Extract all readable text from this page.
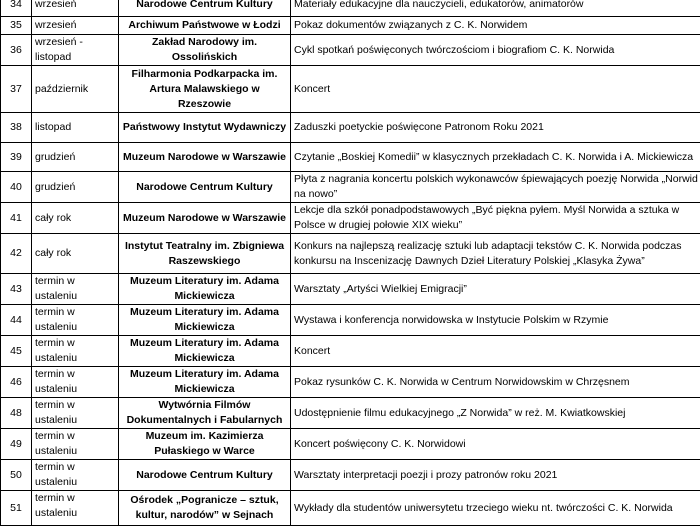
34	wrzesień	Narodowe Centrum Kultury	Materiały edukacyjne dla nauczycieli, edukatorów, animatorów
35	wrzesień	Archiwum Państwowe w Łodzi	Pokaz dokumentów związanych z C. K. Norwidem
36	wrzesień - listopad	Zakład Narodowy im. Ossolińskich	Cykl spotkań poświęconych twórczościom i biografiom C. K. Norwida
37	październik	Filharmonia Podkarpacka im. Artura Malawskiego w Rzeszowie	Koncert
38	listopad	Państwowy Instytut Wydawniczy	Zaduszki poetyckie poświęcone Patronom Roku 2021
39	grudzień	Muzeum Narodowe w Warszawie	Czytanie „Boskiej Komedii” w klasycznych przekładach C. K. Norwida i A. Mickiewicza
40	grudzień	Narodowe Centrum Kultury	Płyta z nagrania koncertu polskich wykonawców śpiewających poezję Norwida „Norwid na nowo”
41	cały rok	Muzeum Narodowe w Warszawie	Lekcje dla szkół ponadpodstawowych „Być piękna pyłem. Myśl Norwida a sztuka w Polsce w drugiej połowie XIX wieku”
42	cały rok	Instytut Teatralny im. Zbigniewa Raszewskiego	Konkurs na najlepszą realizację sztuki lub adaptacji tekstów C. K. Norwida podczas konkursu na Inscenizację Dawnych Dzieł Literatury Polskiej „Klasyka Żywa”
43	termin w ustaleniu	Muzeum Literatury im. Adama Mickiewicza	Warsztaty „Artyści Wielkiej Emigracji”
44	termin w ustaleniu	Muzeum Literatury im. Adama Mickiewicza	Wystawa i konferencja norwidowska w Instytucie Polskim w Rzymie
45	termin w ustaleniu	Muzeum Literatury im. Adama Mickiewicza	Koncert
46	termin w ustaleniu	Muzeum Literatury im. Adama Mickiewicza	Pokaz rysunków C. K. Norwida w Centrum Norwidowskim w Chrzęsnem
48	termin w ustaleniu	Wytwórnia Filmów Dokumentalnych i Fabularnych	Udostępnienie filmu edukacyjnego „Z Norwida” w reż. M. Kwiatkowskiej
49	termin w ustaleniu	Muzeum im. Kazimierza Pułaskiego w Warce	Koncert poświęcony C. K. Norwidowi
50	termin w ustaleniu	Narodowe Centrum Kultury	Warsztaty interpretacji poezji i prozy patronów roku 2021
51	termin w ustaleniu	Ośrodek „Pogranicze – sztuk, kultur, narodów” w Sejnach	Wykłady dla studentów uniwersytetu trzeciego wieku nt. twórczości C. K. Norwida
